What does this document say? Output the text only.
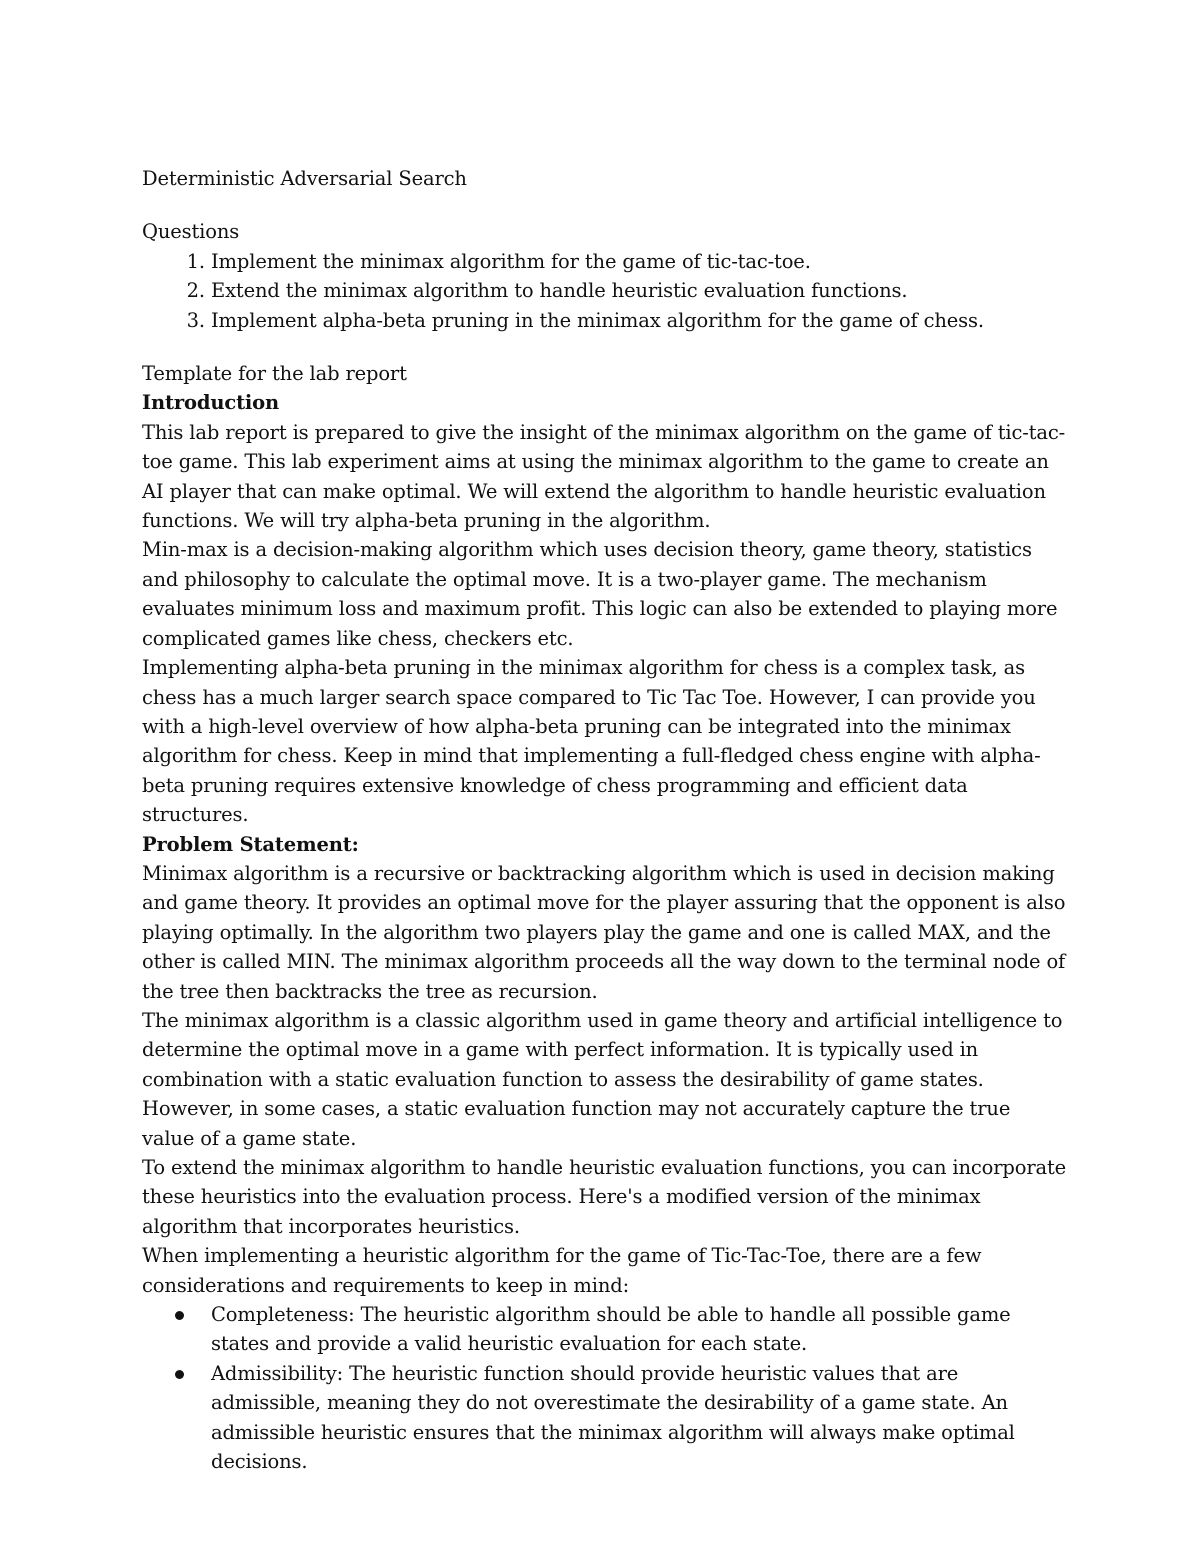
Deterministic Adversarial Search

Questions

1. Implement the minimax algorithm for the game of tic-tac-toe.
2. Extend the minimax algorithm to handle heuristic evaluation functions.
3. Implement alpha-beta pruning in the minimax algorithm for the game of chess.

Template for the lab report

Introduction

This lab report is prepared to give the insight of the minimax algorithm on the game of tic-tac-toe game. This lab experiment aims at using the minimax algorithm to the game to create an AI player that can make optimal. We will extend the algorithm to handle heuristic evaluation functions. We will try alpha-beta pruning in the algorithm.

Min-max is a decision-making algorithm which uses decision theory, game theory, statistics and philosophy to calculate the optimal move. It is a two-player game. The mechanism evaluates minimum loss and maximum profit. This logic can also be extended to playing more complicated games like chess, checkers etc.

Implementing alpha-beta pruning in the minimax algorithm for chess is a complex task, as chess has a much larger search space compared to Tic Tac Toe. However, I can provide you with a high-level overview of how alpha-beta pruning can be integrated into the minimax algorithm for chess. Keep in mind that implementing a full-fledged chess engine with alpha-beta pruning requires extensive knowledge of chess programming and efficient data structures.

Problem Statement:

Minimax algorithm is a recursive or backtracking algorithm which is used in decision making and game theory. It provides an optimal move for the player assuring that the opponent is also playing optimally. In the algorithm two players play the game and one is called MAX, and the other is called MIN. The minimax algorithm proceeds all the way down to the terminal node of the tree then backtracks the tree as recursion.

The minimax algorithm is a classic algorithm used in game theory and artificial intelligence to determine the optimal move in a game with perfect information. It is typically used in combination with a static evaluation function to assess the desirability of game states. However, in some cases, a static evaluation function may not accurately capture the true value of a game state.

To extend the minimax algorithm to handle heuristic evaluation functions, you can incorporate these heuristics into the evaluation process. Here's a modified version of the minimax algorithm that incorporates heuristics.

When implementing a heuristic algorithm for the game of Tic-Tac-Toe, there are a few considerations and requirements to keep in mind:

Completeness: The heuristic algorithm should be able to handle all possible game states and provide a valid heuristic evaluation for each state.
Admissibility: The heuristic function should provide heuristic values that are admissible, meaning they do not overestimate the desirability of a game state. An admissible heuristic ensures that the minimax algorithm will always make optimal decisions.
